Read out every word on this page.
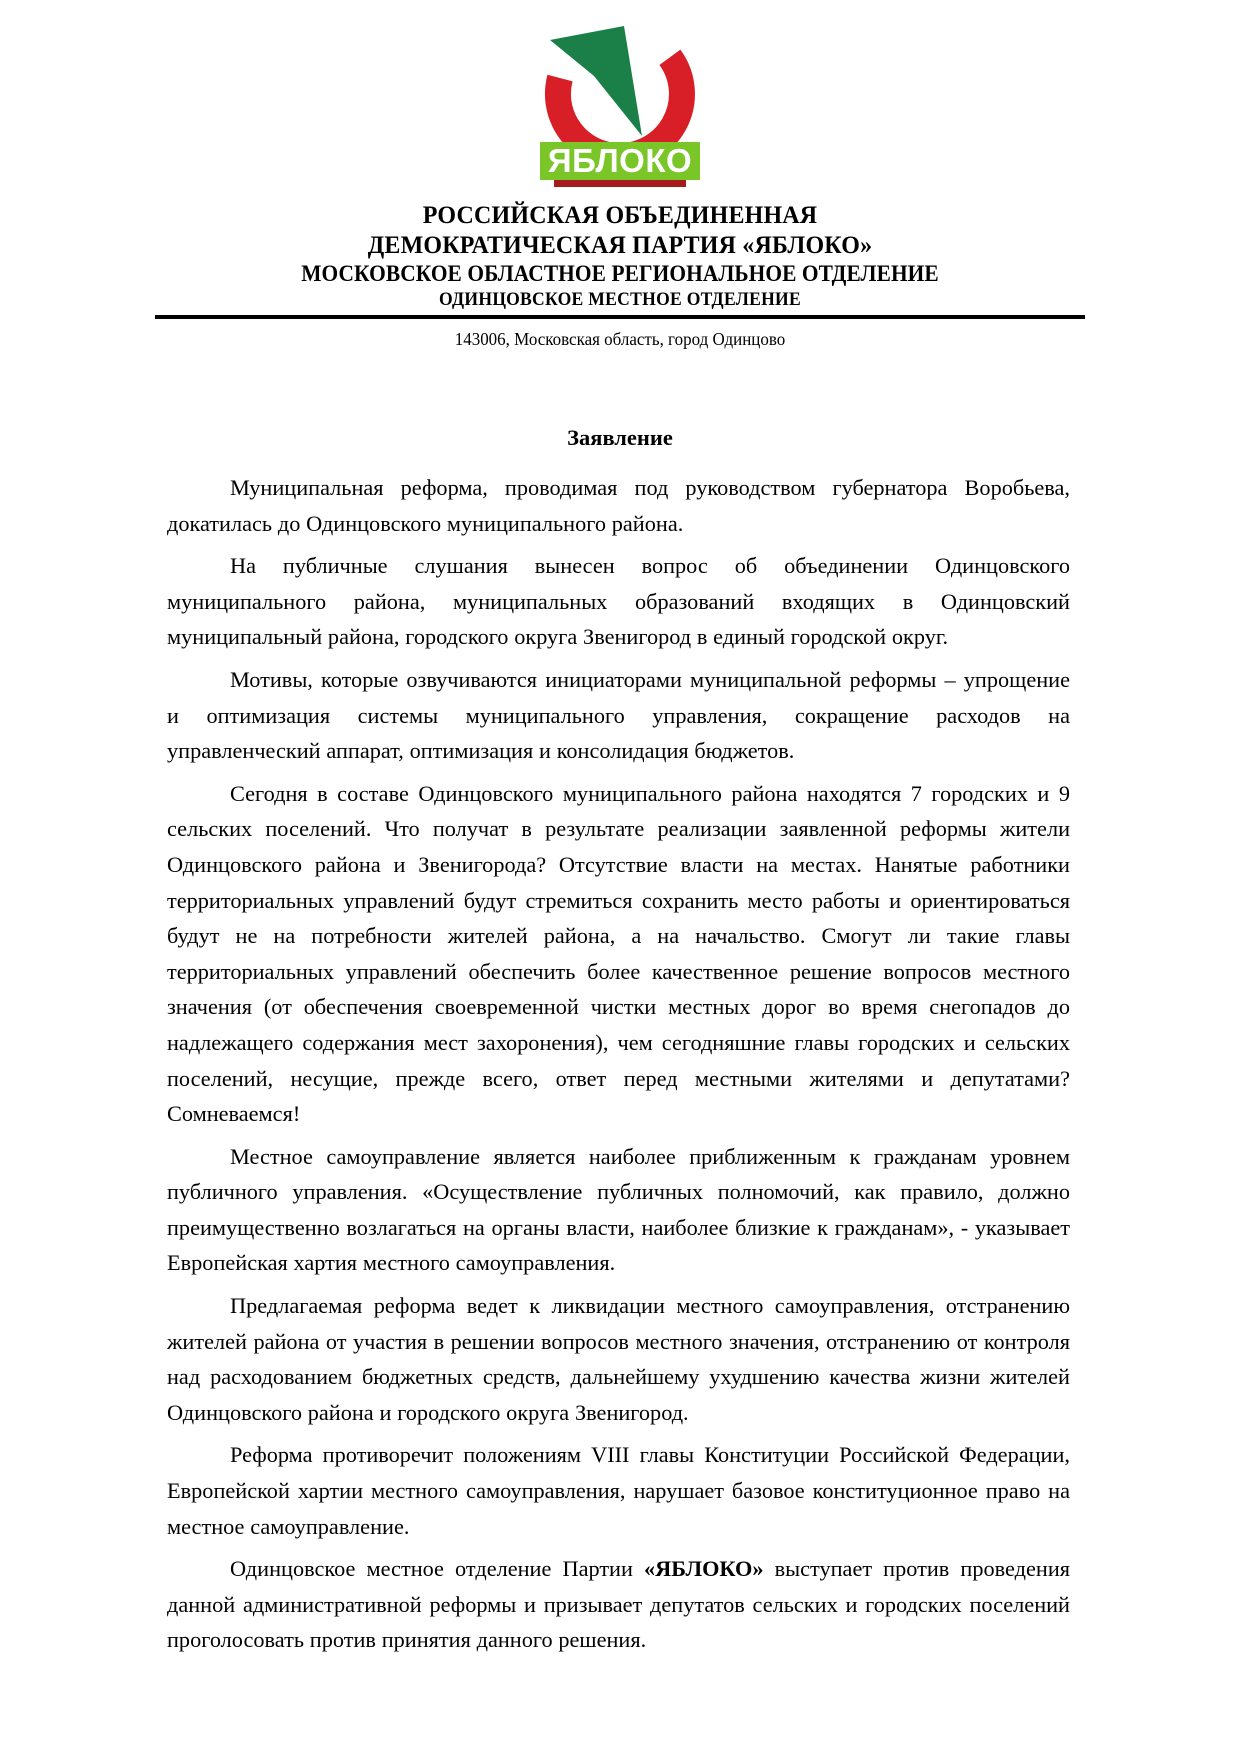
ЯБЛОКО
РОССИЙСКАЯ ОБЪЕДИНЕННАЯ
ДЕМОКРАТИЧЕСКАЯ ПАРТИЯ «ЯБЛОКО»
МОСКОВСКОЕ ОБЛАСТНОЕ РЕГИОНАЛЬНОЕ ОТДЕЛЕНИЕ
ОДИНЦОВСКОЕ МЕСТНОЕ ОТДЕЛЕНИЕ
143006, Московская область, город Одинцово
Заявление

Муниципальная реформа, проводимая под руководством губернатора Воробьева, докатилась до Одинцовского муниципального района.

На публичные слушания вынесен вопрос об объединении Одинцовского муниципального района, муниципальных образований входящих в Одинцовский муниципальный района, городского округа Звенигород в единый городской округ.

Мотивы, которые озвучиваются инициаторами муниципальной реформы – упрощение и оптимизация системы муниципального управления, сокращение расходов на управленческий аппарат, оптимизация и консолидация бюджетов.

Сегодня в составе Одинцовского муниципального района находятся 7 городских и 9 сельских поселений. Что получат в результате реализации заявленной реформы жители Одинцовского района и Звенигорода? Отсутствие власти на местах. Нанятые работники территориальных управлений будут стремиться сохранить место работы и ориентироваться будут не на потребности жителей района, а на начальство. Смогут ли такие главы территориальных управлений обеспечить более качественное решение вопросов местного значения (от обеспечения своевременной чистки местных дорог во время снегопадов до надлежащего содержания мест захоронения), чем сегодняшние главы городских и сельских поселений, несущие, прежде всего, ответ перед местными жителями и депутатами? Сомневаемся!

Местное самоуправление является наиболее приближенным к гражданам уровнем публичного управления. «Осуществление публичных полномочий, как правило, должно преимущественно возлагаться на органы власти, наиболее близкие к гражданам», - указывает Европейская хартия местного самоуправления.

Предлагаемая реформа ведет к ликвидации местного самоуправления, отстранению жителей района от участия в решении вопросов местного значения, отстранению от контроля над расходованием бюджетных средств, дальнейшему ухудшению качества жизни жителей Одинцовского района и городского округа Звенигород.

Реформа противоречит положениям VIII главы Конституции Российской Федерации, Европейской хартии местного самоуправления, нарушает базовое конституционное право на местное самоуправление.

Одинцовское местное отделение Партии «ЯБЛОКО» выступает против проведения данной административной реформы и призывает депутатов сельских и городских поселений проголосовать против принятия данного решения.
